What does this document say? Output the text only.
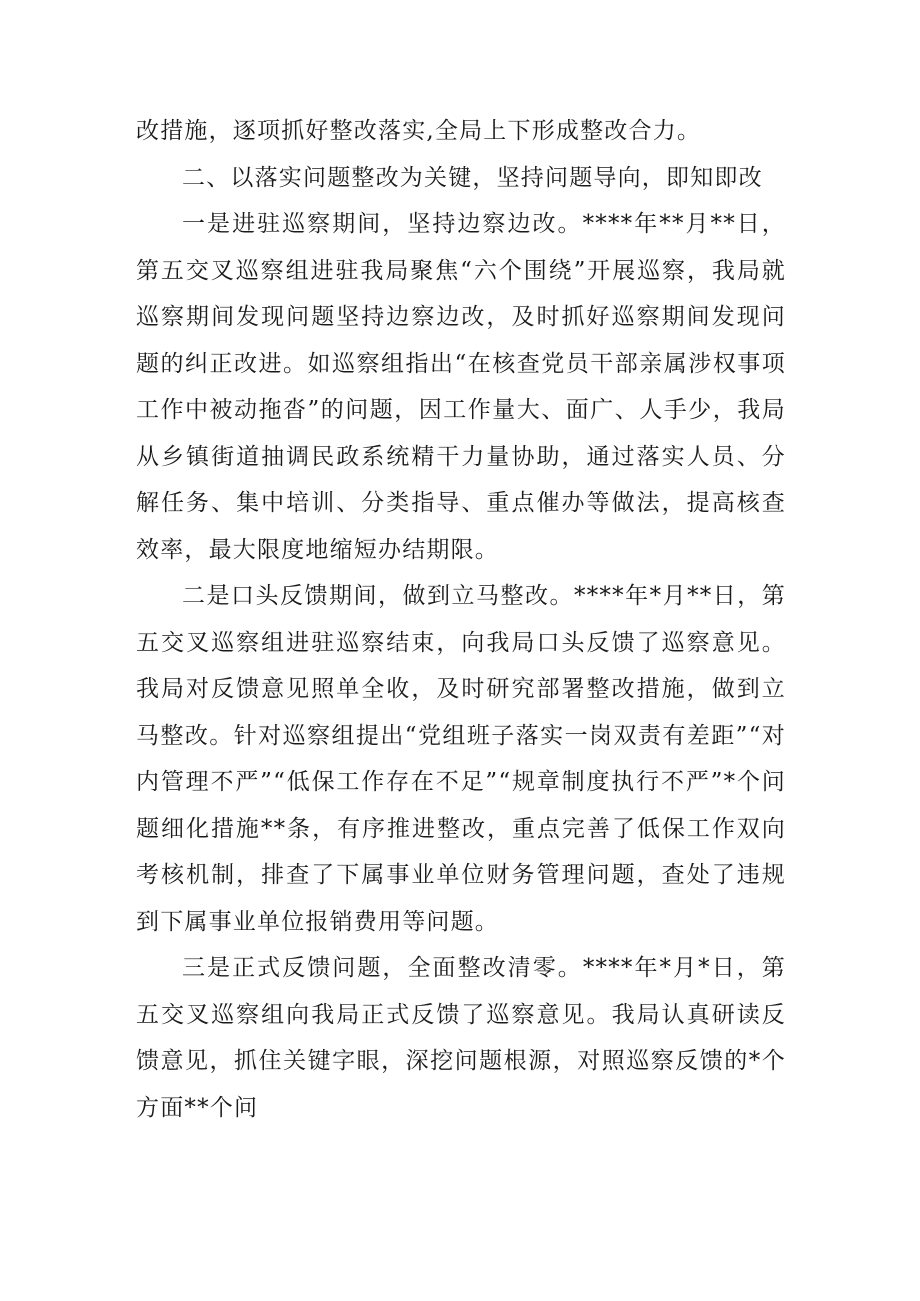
改措施，逐项抓好整改落实,全局上下形成整改合力。

二、以落实问题整改为关键，坚持问题导向，即知即改

一是进驻巡察期间，坚持边察边改。****年**月**日，第五交叉巡察组进驻我局聚焦“六个围绕”开展巡察，我局就巡察期间发现问题坚持边察边改，及时抓好巡察期间发现问题的纠正改进。如巡察组指出“在核查党员干部亲属涉权事项工作中被动拖沓”的问题，因工作量大、面广、人手少，我局从乡镇街道抽调民政系统精干力量协助，通过落实人员、分解任务、集中培训、分类指导、重点催办等做法，提高核查效率，最大限度地缩短办结期限。

二是口头反馈期间，做到立马整改。****年*月**日，第五交叉巡察组进驻巡察结束，向我局口头反馈了巡察意见。我局对反馈意见照单全收，及时研究部署整改措施，做到立马整改。针对巡察组提出“党组班子落实一岗双责有差距”“对内管理不严”“低保工作存在不足”“规章制度执行不严”*个问题细化措施**条，有序推进整改，重点完善了低保工作双向考核机制，排查了下属事业单位财务管理问题，查处了违规到下属事业单位报销费用等问题。

三是正式反馈问题，全面整改清零。****年*月*日，第五交叉巡察组向我局正式反馈了巡察意见。我局认真研读反馈意见，抓住关键字眼，深挖问题根源，对照巡察反馈的*个方面**个问
